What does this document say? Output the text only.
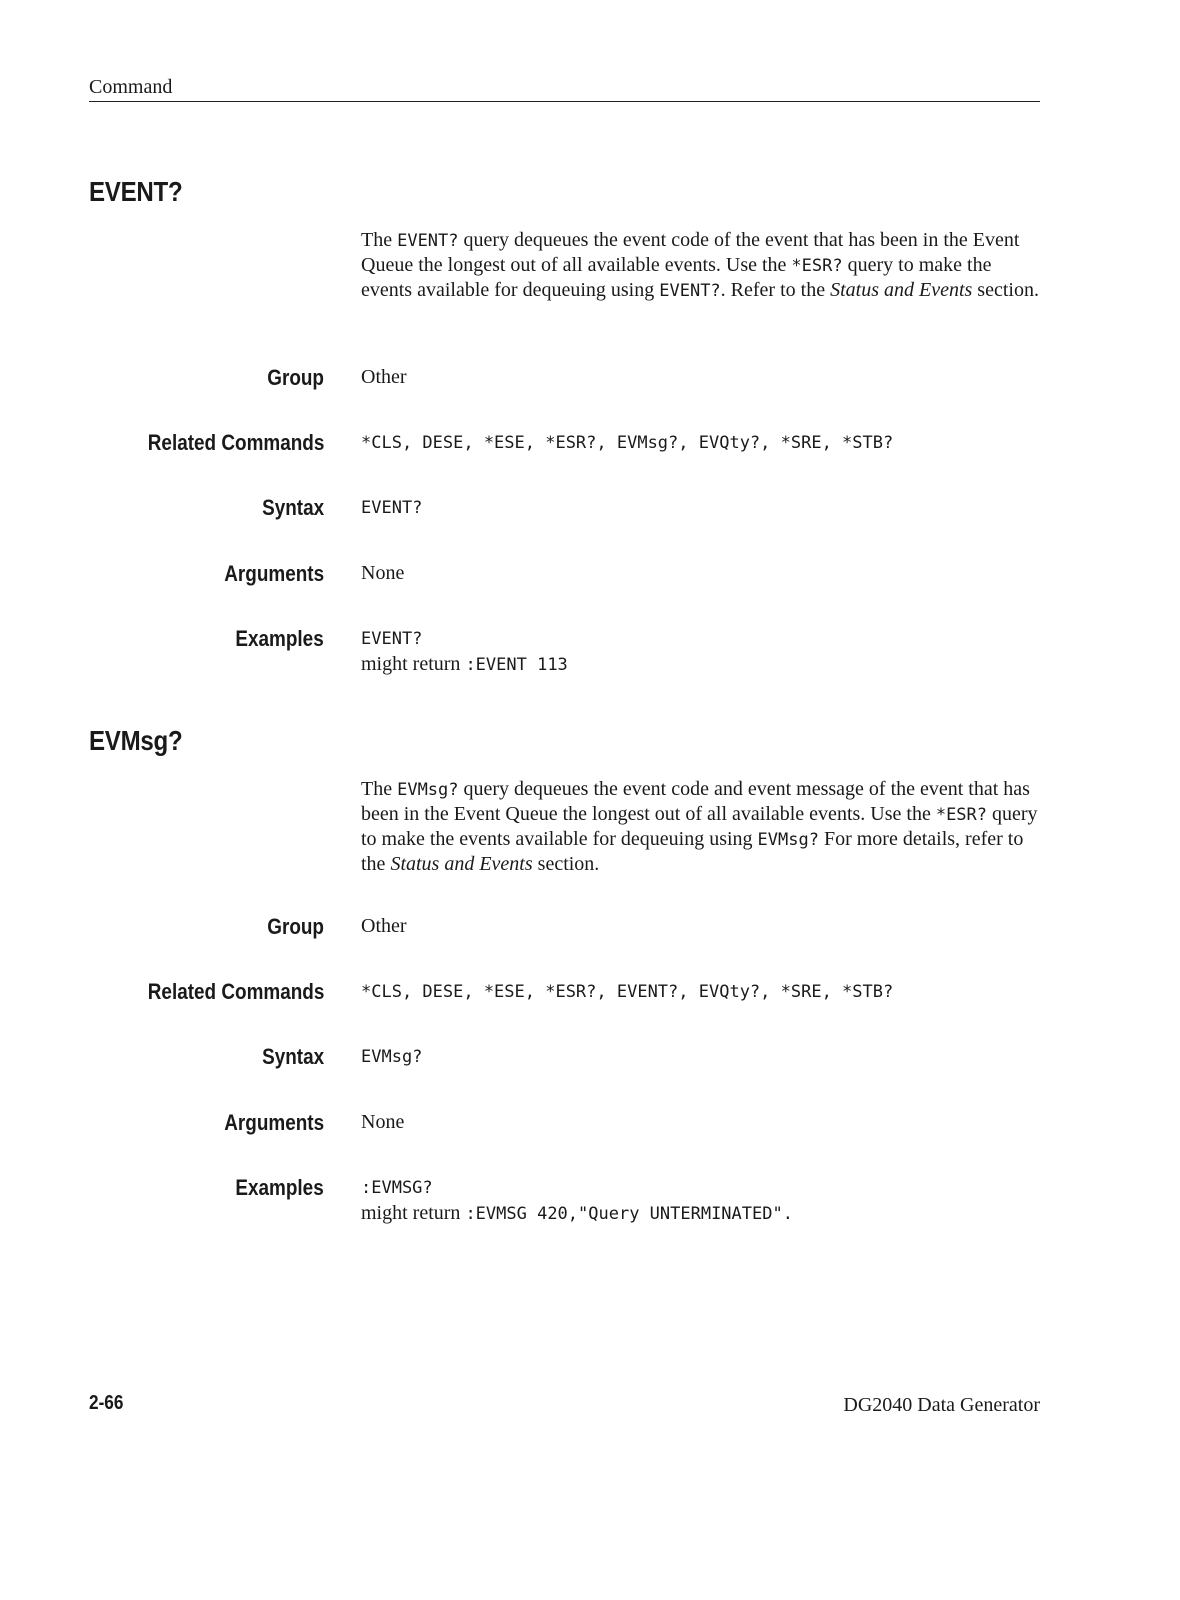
Command
EVENT?
The EVENT? query dequeues the event code of the event that has been in the Event Queue the longest out of all available events. Use the *ESR? query to make the events available for dequeuing using EVENT?. Refer to the Status and Events section.
Group Other
Related Commands *CLS, DESE, *ESE, *ESR?, EVMsg?, EVQty?, *SRE, *STB?
Syntax EVENT?
Arguments None
Examples EVENT?
might return :EVENT 113
EVMsg?
The EVMsg? query dequeues the event code and event message of the event that has been in the Event Queue the longest out of all available events. Use the *ESR? query to make the events available for dequeuing using EVMsg? For more details, refer to the Status and Events section.
Group Other
Related Commands *CLS, DESE, *ESE, *ESR?, EVENT?, EVQty?, *SRE, *STB?
Syntax EVMsg?
Arguments None
Examples :EVMSG?
might return :EVMSG 420,"Query UNTERMINATED".
2-66	DG2040 Data Generator
